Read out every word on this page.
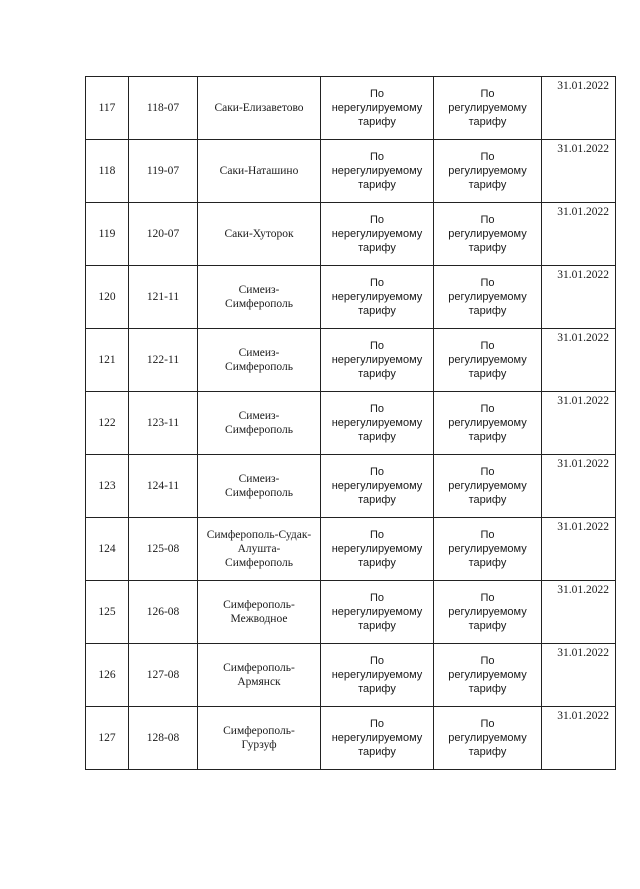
117	118-07	Саки-Елизаветово	По
нерегулируемому
тарифу	По
регулируемому
тарифу	31.01.2022
118	119-07	Саки-Наташино	По
нерегулируемому
тарифу	По
регулируемому
тарифу	31.01.2022
119	120-07	Саки-Хуторок	По
нерегулируемому
тарифу	По
регулируемому
тарифу	31.01.2022
120	121-11	Симеиз-
Симферополь	По
нерегулируемому
тарифу	По
регулируемому
тарифу	31.01.2022
121	122-11	Симеиз-
Симферополь	По
нерегулируемому
тарифу	По
регулируемому
тарифу	31.01.2022
122	123-11	Симеиз-
Симферополь	По
нерегулируемому
тарифу	По
регулируемому
тарифу	31.01.2022
123	124-11	Симеиз-
Симферополь	По
нерегулируемому
тарифу	По
регулируемому
тарифу	31.01.2022
124	125-08	Симферополь-Судак-
Алушта-
Симферополь	По
нерегулируемому
тарифу	По
регулируемому
тарифу	31.01.2022
125	126-08	Симферополь-
Межводное	По
нерегулируемому
тарифу	По
регулируемому
тарифу	31.01.2022
126	127-08	Симферополь-
Армянск	По
нерегулируемому
тарифу	По
регулируемому
тарифу	31.01.2022
127	128-08	Симферополь-
Гурзуф	По
нерегулируемому
тарифу	По
регулируемому
тарифу	31.01.2022
